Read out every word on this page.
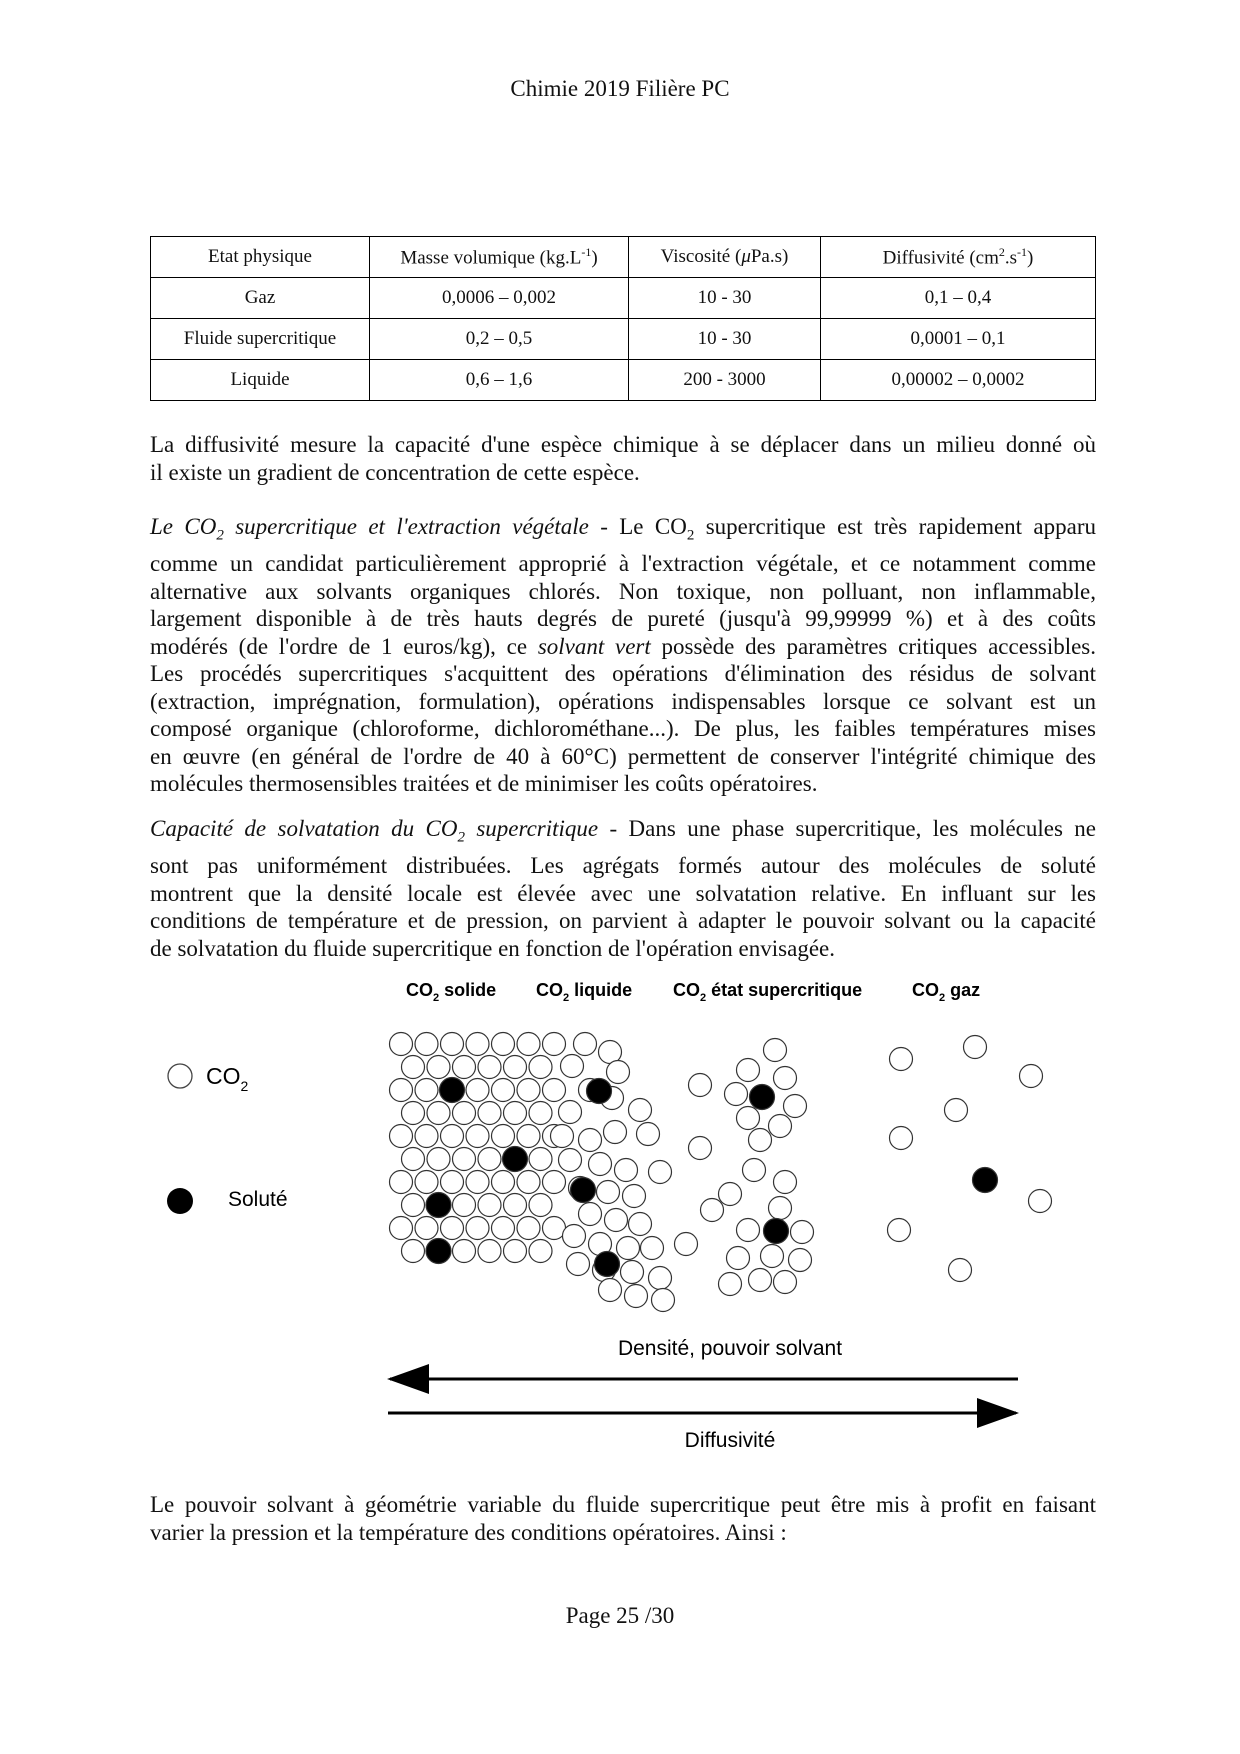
Chimie 2019 Filière PC
Etat physique	Masse volumique $(kg.L^{-1})$	Viscosité (μPa.s)	Diffusivité $(cm^2.s^{-1})$
Gaz	0,0006 – 0,002	10 - 30	0,1 – 0,4
Fluide supercritique	0,2 – 0,5	10 - 30	0,0001 – 0,1
Liquide	0,6 – 1,6	200 - 3000	0,00002 – 0,0002
La diffusivité mesure la capacité d'une espèce chimique à se déplacer dans un milieu donné où
il existe un gradient de concentration de cette espèce.
Le $CO_2$ supercritique et l'extraction végétale - Le $CO_2$ supercritique est très rapidement apparu
comme un candidat particulièrement approprié à l'extraction végétale, et ce notamment comme
alternative aux solvants organiques chlorés. Non toxique, non polluant, non inflammable,
largement disponible à de très hauts degrés de pureté (jusqu'à 99,99999 %) et à des coûts
modérés (de l'ordre de 1 euros/kg), ce solvant vert possède des paramètres critiques accessibles.
Les procédés supercritiques s'acquittent des opérations d'élimination des résidus de solvant
(extraction, imprégnation, formulation), opérations indispensables lorsque ce solvant est un
composé organique (chloroforme, dichlorométhane...). De plus, les faibles températures mises
en œuvre (en général de l'ordre de 40 à 60°C) permettent de conserver l'intégrité chimique des
molécules thermosensibles traitées et de minimiser les coûts opératoires.
Capacité de solvatation du $CO_2$ supercritique - Dans une phase supercritique, les molécules ne
sont pas uniformément distribuées. Les agrégats formés autour des molécules de soluté
montrent que la densité locale est élevée avec une solvatation relative. En influant sur les
conditions de température et de pression, on parvient à adapter le pouvoir solvant ou la capacité
de solvatation du fluide supercritique en fonction de l'opération envisagée.
$CO_2$ solide $CO_2$ liquide $CO_2$ état supercritique	$CO_2$ gaz
$CO_2$
Soluté
Densité, pouvoir solvant
Diffusivité
Le pouvoir solvant à géométrie variable du fluide supercritique peut être mis à profit en faisant
varier la pression et la température des conditions opératoires. Ainsi :
Page 25 /30
